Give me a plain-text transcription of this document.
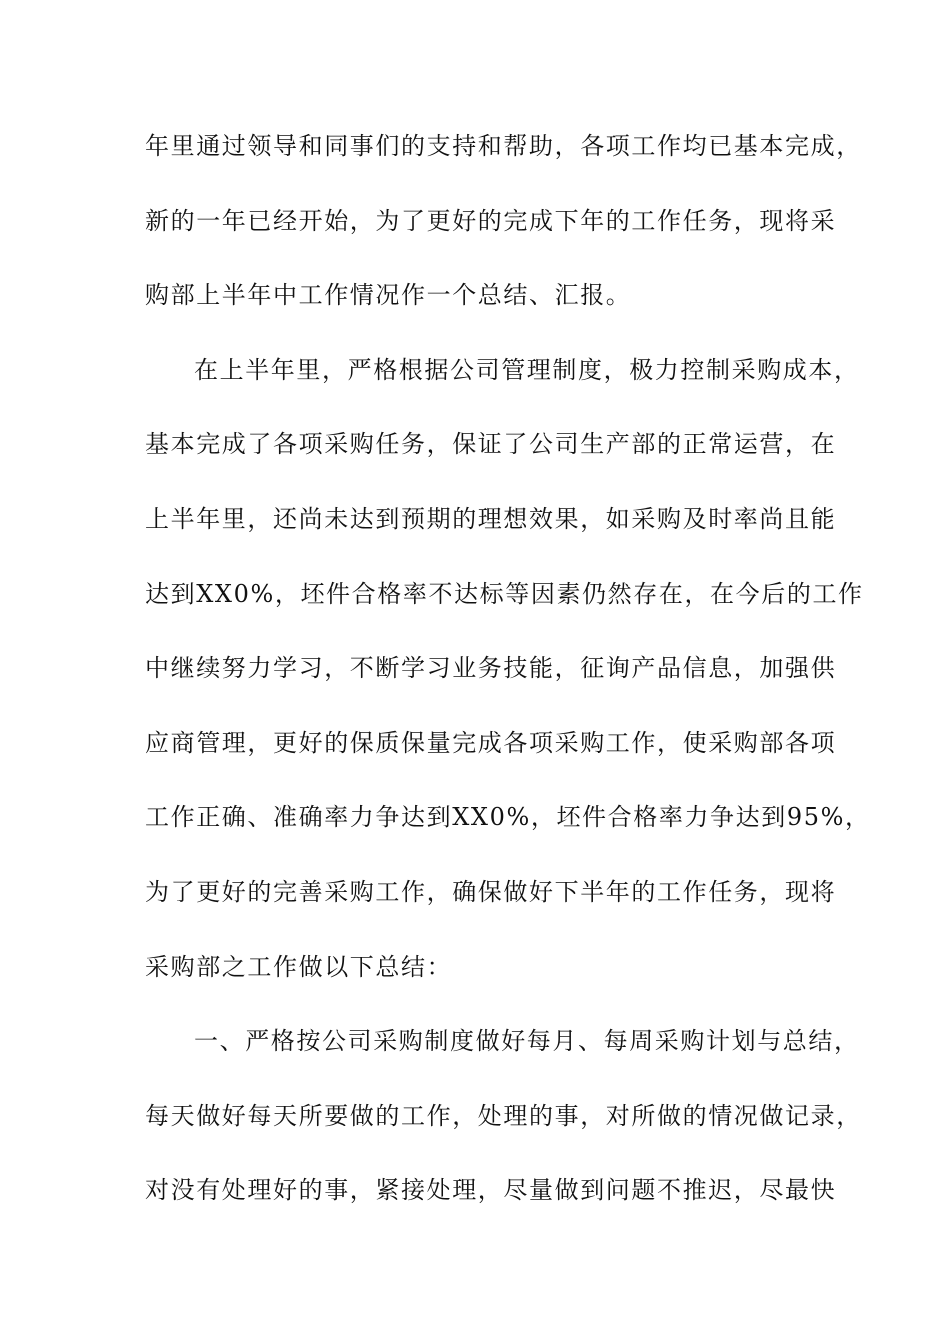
年里通过领导和同事们的支持和帮助，各项工作均已基本完成，
新的一年已经开始，为了更好的完成下年的工作任务，现将采
购部上半年中工作情况作一个总结、汇报。
在上半年里，严格根据公司管理制度，极力控制采购成本，
基本完成了各项采购任务，保证了公司生产部的正常运营，在
上半年里，还尚未达到预期的理想效果，如采购及时率尚且能
达到XX0%，坯件合格率不达标等因素仍然存在，在今后的工作
中继续努力学习，不断学习业务技能，征询产品信息，加强供
应商管理，更好的保质保量完成各项采购工作，使采购部各项
工作正确、准确率力争达到XX0%，坯件合格率力争达到95%，
为了更好的完善采购工作，确保做好下半年的工作任务，现将
采购部之工作做以下总结：
一、严格按公司采购制度做好每月、每周采购计划与总结，
每天做好每天所要做的工作，处理的事，对所做的情况做记录，
对没有处理好的事，紧接处理，尽量做到问题不推迟，尽最快
